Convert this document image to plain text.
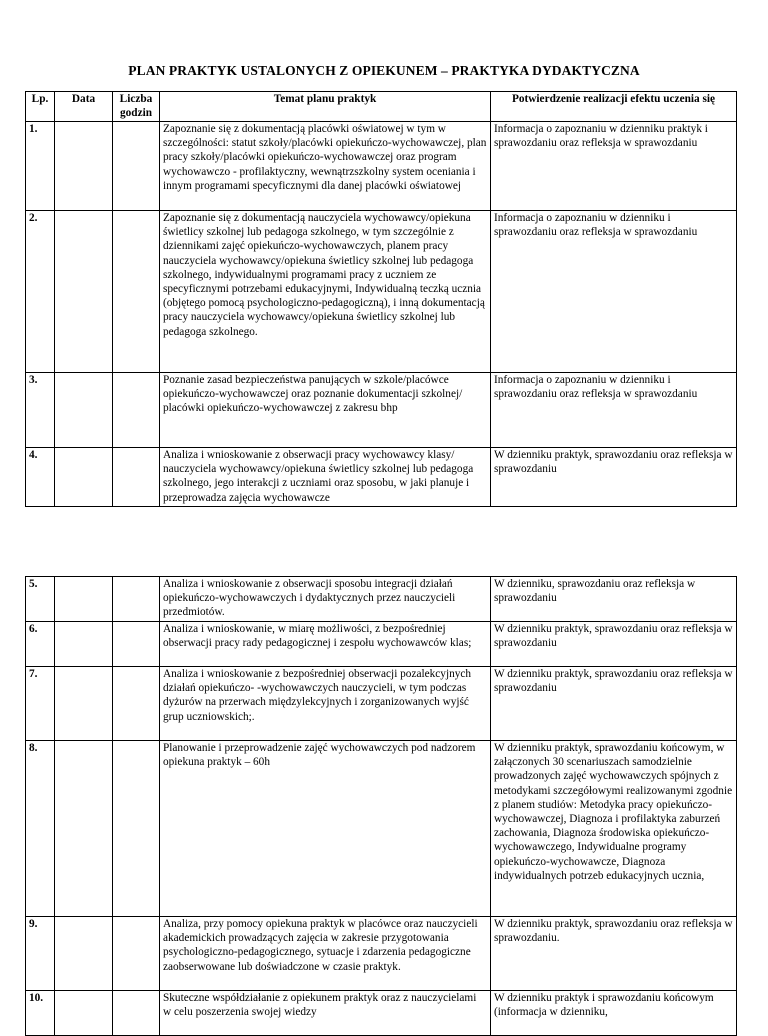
PLAN PRAKTYK USTALONYCH Z OPIEKUNEM – PRAKTYKA DYDAKTYCZNA
Lp.	Data	Liczba godzin	Temat planu praktyk	Potwierdzenie realizacji efektu uczenia się
1.			Zapoznanie się z dokumentacją placówki oświatowej w tym w szczególności: statut szkoły/placówki opiekuńczo-wychowawczej, plan pracy szkoły/placówki opiekuńczo-wychowawczej oraz program wychowawczo - profilaktyczny, wewnątrzszkolny system oceniania i innym programami specyficznymi dla danej placówki oświatowej	Informacja o zapoznaniu w dzienniku praktyk i sprawozdaniu oraz refleksja w sprawozdaniu
2.			Zapoznanie się z dokumentacją nauczyciela wychowawcy/opiekuna świetlicy szkolnej lub pedagoga szkolnego, w tym szczególnie z dziennikami zajęć opiekuńczo-wychowawczych, planem pracy nauczyciela wychowawcy/opiekuna świetlicy szkolnej lub pedagoga szkolnego, indywidualnymi programami pracy z uczniem ze specyficznymi potrzebami edukacyjnymi, Indywidualną teczką ucznia (objętego pomocą psychologiczno-pedagogiczną), i inną dokumentacją pracy nauczyciela wychowawcy/opiekuna świetlicy szkolnej lub pedagoga szkolnego.	Informacja o zapoznaniu w dzienniku i sprawozdaniu oraz refleksja w sprawozdaniu
3.			Poznanie zasad bezpieczeństwa panujących w szkole/placówce opiekuńczo-wychowawczej oraz poznanie dokumentacji szkolnej/ placówki opiekuńczo-wychowawczej z zakresu bhp	Informacja o zapoznaniu w dzienniku i sprawozdaniu oraz refleksja w sprawozdaniu
4.			Analiza i wnioskowanie z obserwacji pracy wychowawcy klasy/ nauczyciela wychowawcy/opiekuna świetlicy szkolnej lub pedagoga szkolnego, jego interakcji z uczniami oraz sposobu, w jaki planuje i przeprowadza zajęcia wychowawcze	W dzienniku praktyk, sprawozdaniu oraz refleksja w sprawozdaniu
5.			Analiza i wnioskowanie z obserwacji sposobu integracji działań opiekuńczo-wychowawczych i dydaktycznych przez nauczycieli przedmiotów.	W dzienniku, sprawozdaniu oraz refleksja w sprawozdaniu
6.			Analiza i wnioskowanie, w miarę możliwości, z bezpośredniej obserwacji pracy rady pedagogicznej i zespołu wychowawców klas;	W dzienniku praktyk, sprawozdaniu oraz refleksja w sprawozdaniu
7.			Analiza i wnioskowanie z bezpośredniej obserwacji pozalekcyjnych działań opiekuńczo- -wychowawczych nauczycieli, w tym podczas dyżurów na przerwach międzylekcyjnych i zorganizowanych wyjść grup uczniowskich;.	W dzienniku praktyk, sprawozdaniu oraz refleksja w sprawozdaniu
8.			Planowanie i przeprowadzenie zajęć wychowawczych pod nadzorem opiekuna praktyk – 60h	W dzienniku praktyk, sprawozdaniu końcowym, w załączonych 30 scenariuszach samodzielnie prowadzonych zajęć wychowawczych spójnych z metodykami szczegółowymi realizowanymi zgodnie z planem studiów: Metodyka pracy opiekuńczo-wychowawczej, Diagnoza i profilaktyka zaburzeń zachowania, Diagnoza środowiska opiekuńczo-wychowawczego, Indywidualne programy opiekuńczo-wychowawcze, Diagnoza indywidualnych potrzeb edukacyjnych ucznia,
9.			Analiza, przy pomocy opiekuna praktyk w placówce oraz nauczycieli akademickich prowadzących zajęcia w zakresie przygotowania psychologiczno-pedagogicznego, sytuacje i zdarzenia pedagogiczne zaobserwowane lub doświadczone w czasie praktyk.	W dzienniku praktyk, sprawozdaniu oraz refleksja w sprawozdaniu.
10.			Skuteczne współdziałanie z opiekunem praktyk oraz z nauczycielami w celu poszerzenia swojej wiedzy	W dzienniku praktyk i sprawozdaniu końcowym (informacja w dzienniku,
